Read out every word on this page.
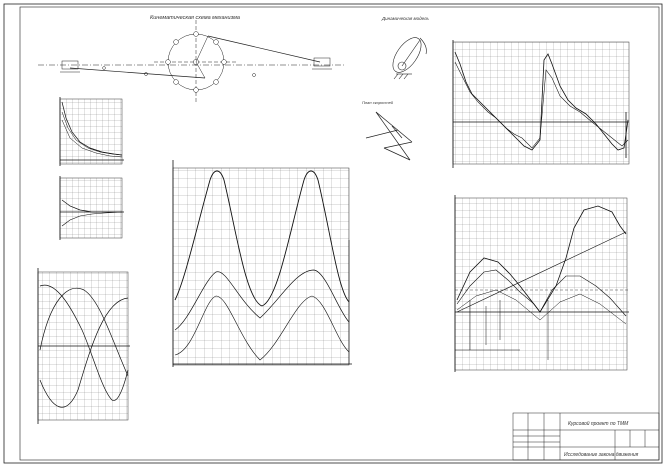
Кинематическая схема механизма	Динамическая модель
План скоростей
Курсовой проект по ТММ
Исследование закона движения
